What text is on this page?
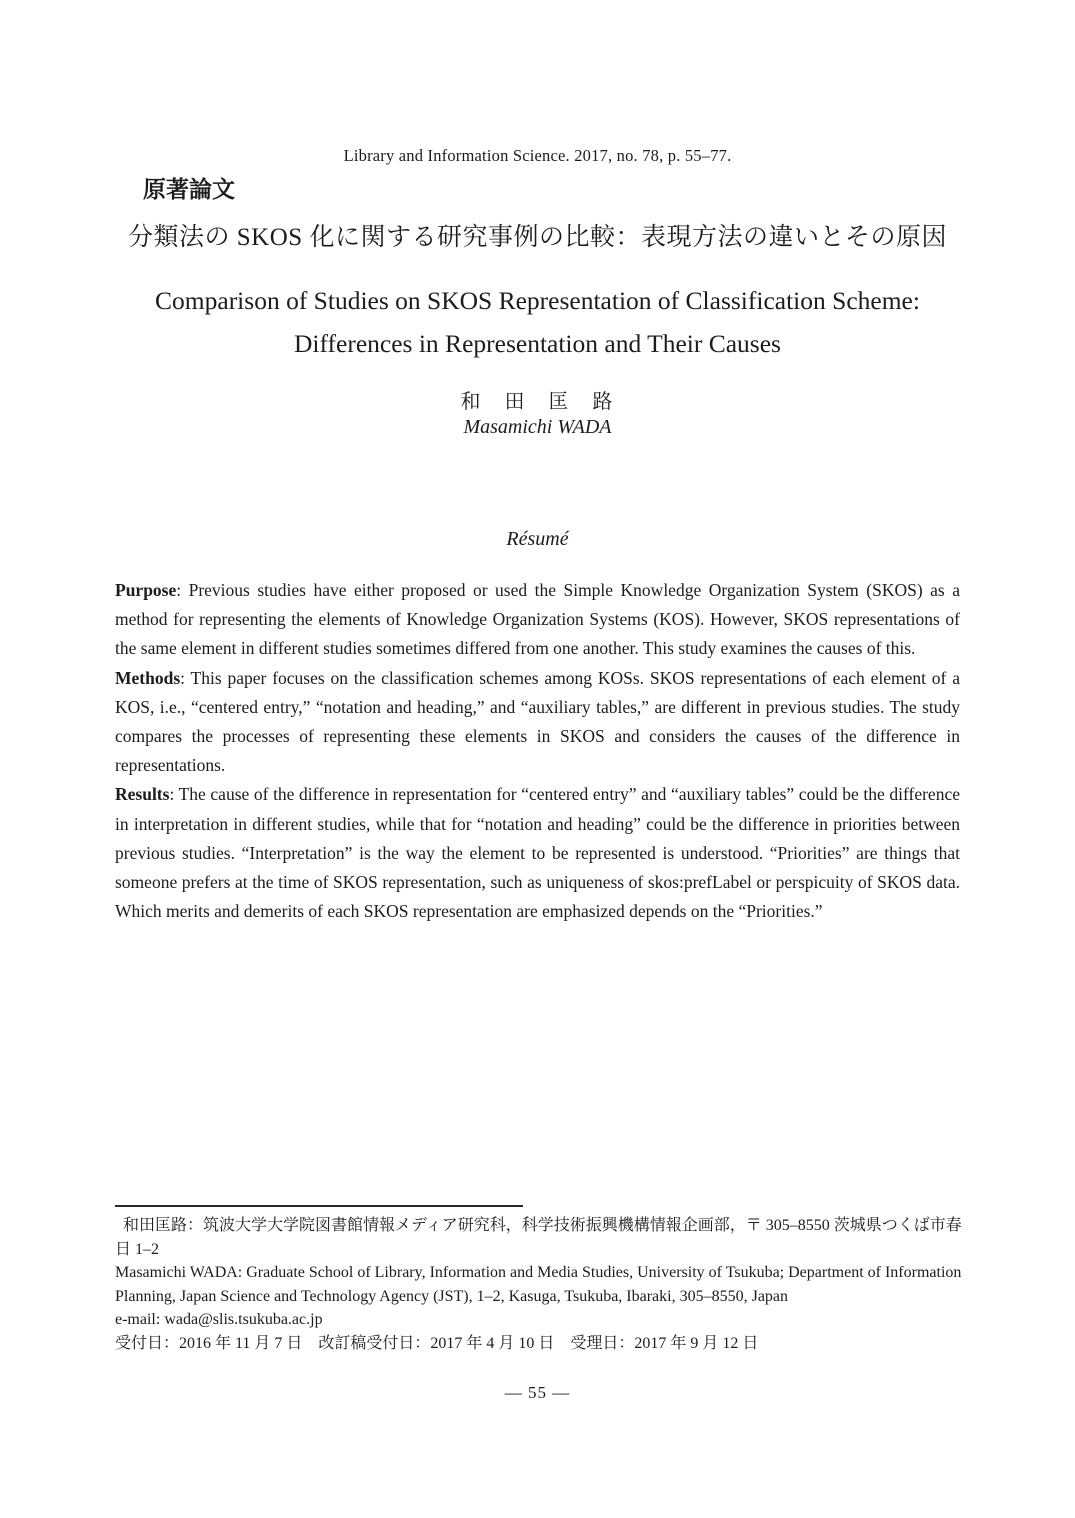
Library and Information Science. 2017, no. 78, p. 55–77.
原著論文
分類法の SKOS 化に関する研究事例の比較：表現方法の違いとその原因
Comparison of Studies on SKOS Representation of Classification Scheme:
Differences in Representation and Their Causes
和　田　匡　路
Masamichi WADA
Résumé

Purpose: Previous studies have either proposed or used the Simple Knowledge Organization System (SKOS) as a method for representing the elements of Knowledge Organization Systems (KOS). However, SKOS representations of the same element in different studies sometimes differed from one another. This study examines the causes of this.

Methods: This paper focuses on the classification schemes among KOSs. SKOS representations of each element of a KOS, i.e., “centered entry,” “notation and heading,” and “auxiliary tables,” are different in previous studies. The study compares the processes of representing these elements in SKOS and considers the causes of the difference in representations.

Results: The cause of the difference in representation for “centered entry” and “auxiliary tables” could be the difference in interpretation in different studies, while that for “notation and heading” could be the difference in priorities between previous studies. “Interpretation” is the way the element to be represented is understood. “Priorities” are things that someone prefers at the time of SKOS representation, such as uniqueness of skos:prefLabel or perspicuity of SKOS data. Which merits and demerits of each SKOS representation are emphasized depends on the “Priorities.”

和田匡路：筑波大学大学院図書館情報メディア研究科，科学技術振興機構情報企画部，〒 305–8550 茨城県つくば市春日 1–2

Masamichi WADA: Graduate School of Library, Information and Media Studies, University of Tsukuba; Department of Information Planning, Japan Science and Technology Agency (JST), 1–2, Kasuga, Tsukuba, Ibaraki, 305–8550, Japan

e-mail: wada@slis.tsukuba.ac.jp

受付日：2016 年 11 月 7 日　改訂稿受付日：2017 年 4 月 10 日　受理日：2017 年 9 月 12 日

— 55 —
